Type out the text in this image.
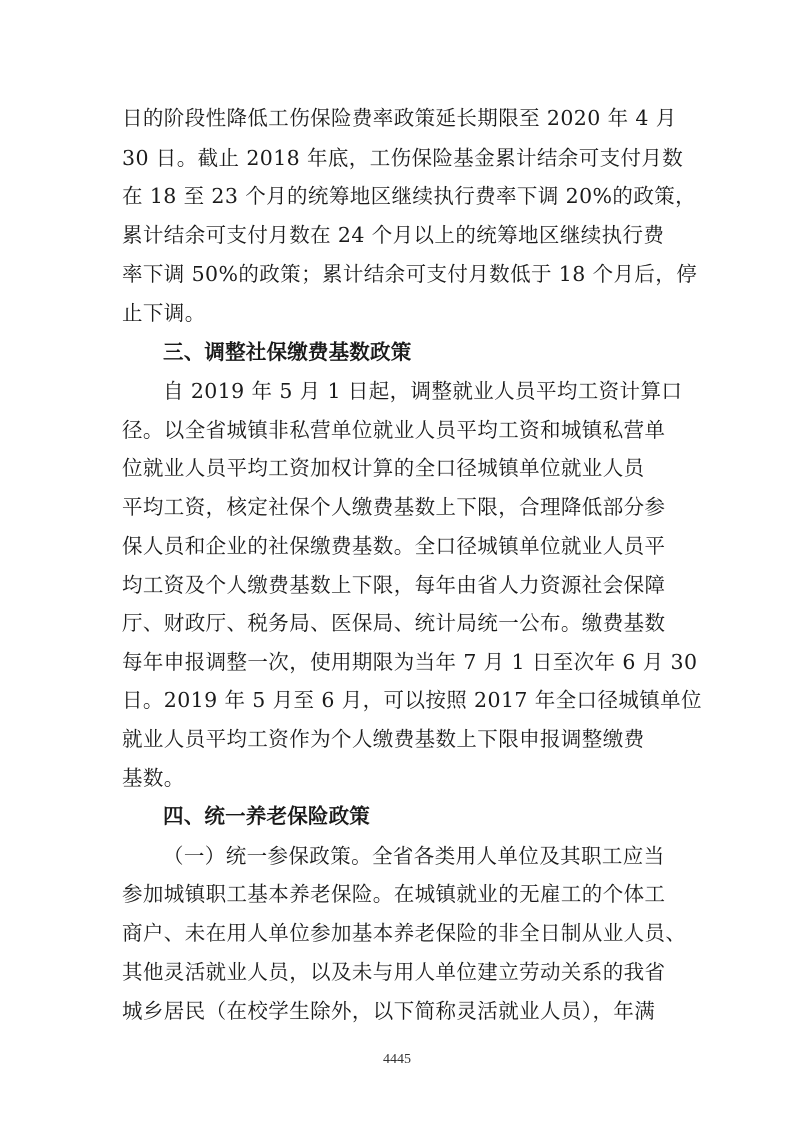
日的阶段性降低工伤保险费率政策延长期限至 2020 年 4 月
30 日。截止 2018 年底，工伤保险基金累计结余可支付月数
在 18 至 23 个月的统筹地区继续执行费率下调 20%的政策，
累计结余可支付月数在 24 个月以上的统筹地区继续执行费
率下调 50%的政策；累计结余可支付月数低于 18 个月后，停
止下调。
三、调整社保缴费基数政策
自 2019 年 5 月 1 日起，调整就业人员平均工资计算口
径。以全省城镇非私营单位就业人员平均工资和城镇私营单
位就业人员平均工资加权计算的全口径城镇单位就业人员
平均工资，核定社保个人缴费基数上下限，合理降低部分参
保人员和企业的社保缴费基数。全口径城镇单位就业人员平
均工资及个人缴费基数上下限，每年由省人力资源社会保障
厅、财政厅、税务局、医保局、统计局统一公布。缴费基数
每年申报调整一次，使用期限为当年 7 月 1 日至次年 6 月 30
日。2019 年 5 月至 6 月，可以按照 2017 年全口径城镇单位
就业人员平均工资作为个人缴费基数上下限申报调整缴费
基数。
四、统一养老保险政策
（一）统一参保政策。全省各类用人单位及其职工应当
参加城镇职工基本养老保险。在城镇就业的无雇工的个体工
商户、未在用人单位参加基本养老保险的非全日制从业人员、
其他灵活就业人员，以及未与用人单位建立劳动关系的我省
城乡居民（在校学生除外，以下简称灵活就业人员），年满
4445
